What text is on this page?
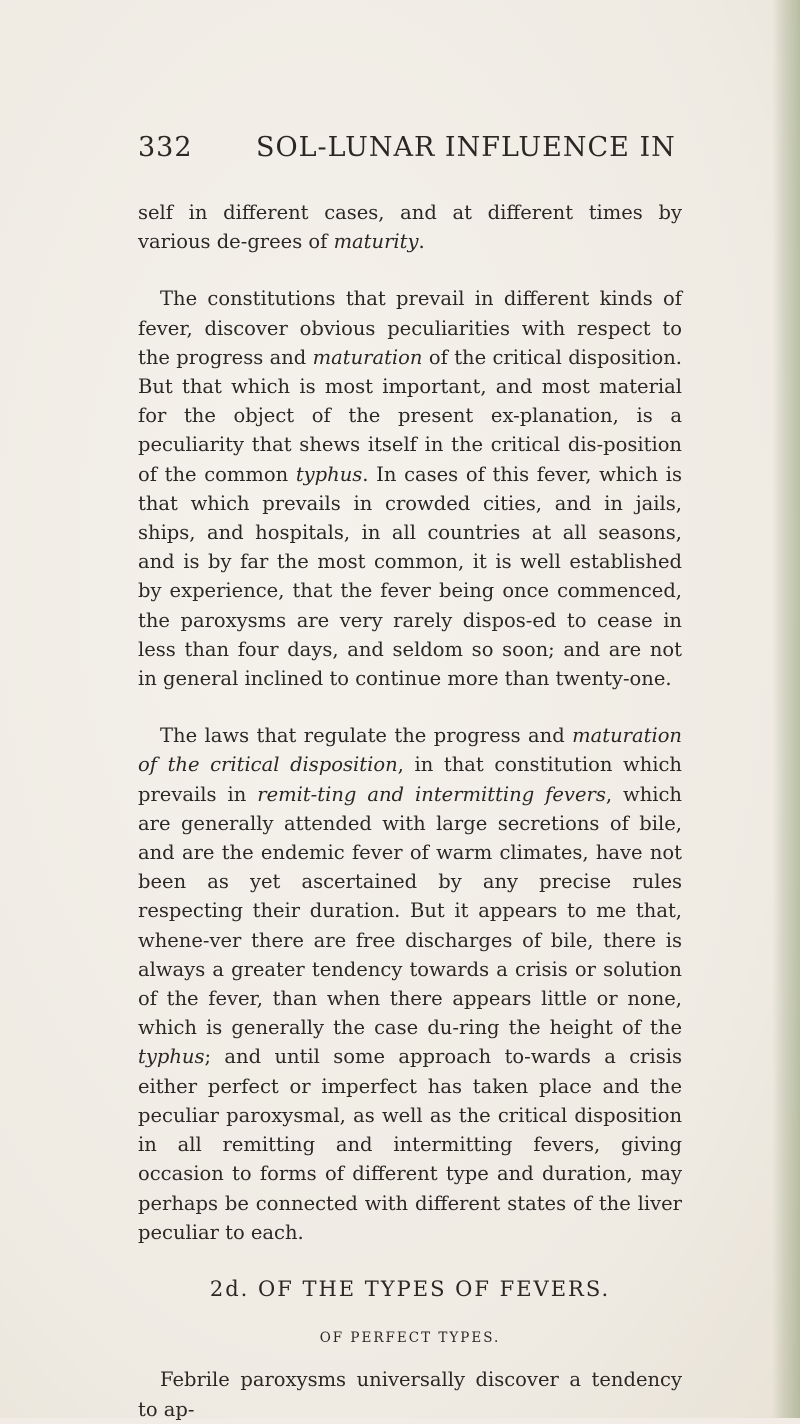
332 SOL-LUNAR INFLUENCE IN

self in different cases, and at different times by various de-grees of maturity.

The constitutions that prevail in different kinds of fever, discover obvious peculiarities with respect to the progress and maturation of the critical disposition. But that which is most important, and most material for the object of the present ex-planation, is a peculiarity that shews itself in the critical dis-position of the common typhus. In cases of this fever, which is that which prevails in crowded cities, and in jails, ships, and hospitals, in all countries at all seasons, and is by far the most common, it is well established by experience, that the fever being once commenced, the paroxysms are very rarely dispos-ed to cease in less than four days, and seldom so soon; and are not in general inclined to continue more than twenty-one.

The laws that regulate the progress and maturation of the critical disposition, in that constitution which prevails in remit-ting and intermitting fevers, which are generally attended with large secretions of bile, and are the endemic fever of warm climates, have not been as yet ascertained by any precise rules respecting their duration. But it appears to me that, whene-ver there are free discharges of bile, there is always a greater tendency towards a crisis or solution of the fever, than when there appears little or none, which is generally the case du-ring the height of the typhus; and until some approach to-wards a crisis either perfect or imperfect has taken place and the peculiar paroxysmal, as well as the critical disposition in all remitting and intermitting fevers, giving occasion to forms of different type and duration, may perhaps be connected with different states of the liver peculiar to each.

2d. OF THE TYPES OF FEVERS.
OF PERFECT TYPES.

Febrile paroxysms universally discover a tendency to ap-
